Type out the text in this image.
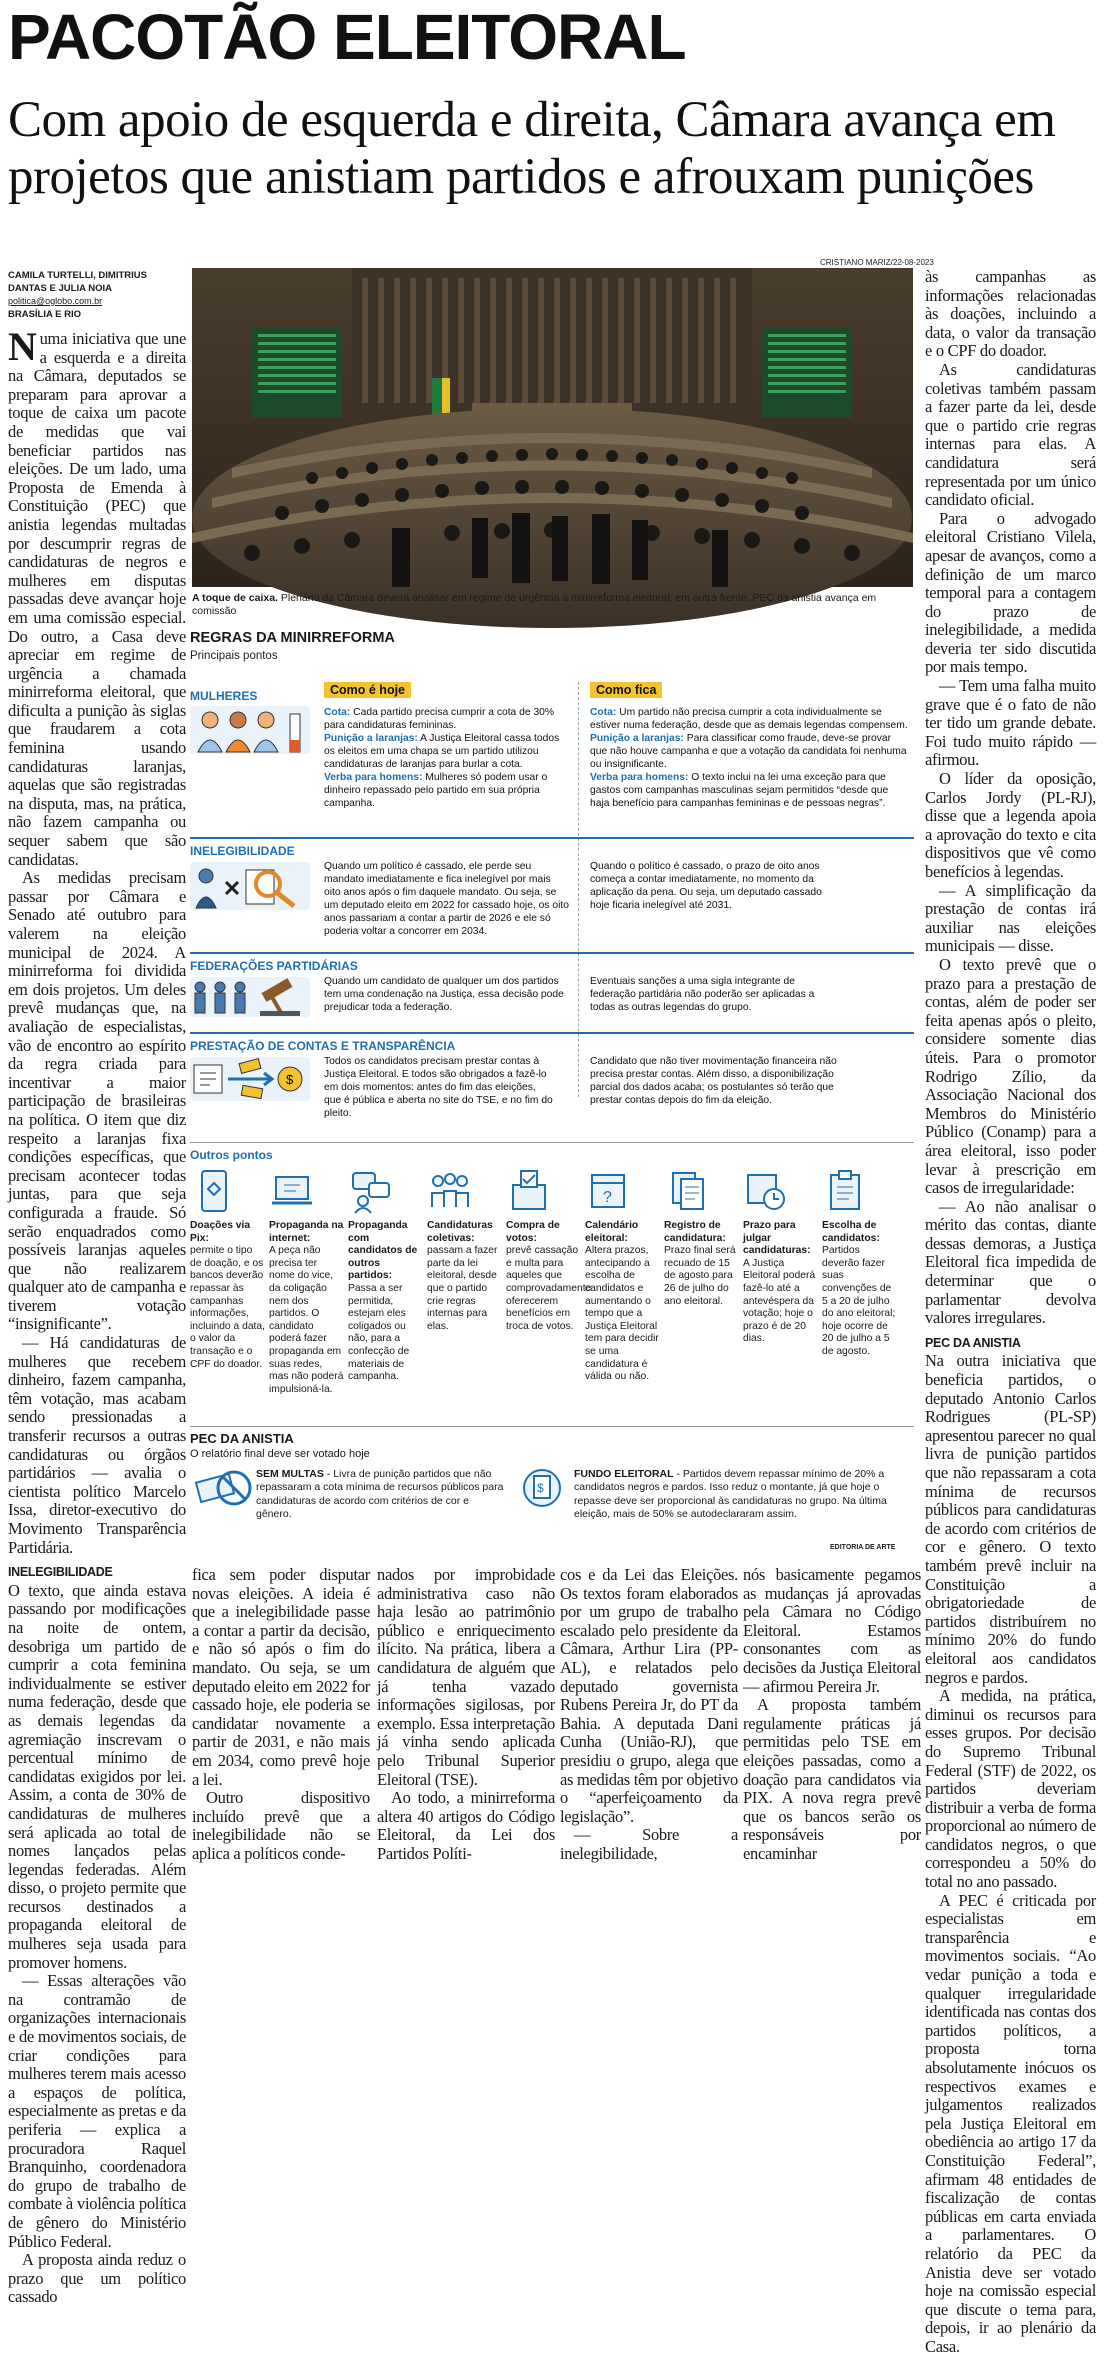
PACOTÃO ELEITORAL
Com apoio de esquerda e direita, Câmara avança em projetos que anistiam partidos e afrouxam punições
CAMILA TURTELLI, DIMITRIUS DANTAS E JULIA NOIA
politica@oglobo.com.br
BRASÍLIA E RIO

Numa iniciativa que une a esquerda e a direita na Câmara, deputados se preparam para aprovar a toque de caixa um pacote de medidas que vai beneficiar partidos nas eleições. De um lado, uma Proposta de Emenda à Constituição (PEC) que anistia legendas multadas por descumprir regras de candidaturas de negros e mulheres em disputas passadas deve avançar hoje em uma comissão especial. Do outro, a Casa deve apreciar em regime de urgência a chamada minirreforma eleitoral, que dificulta a punição às siglas que fraudarem a cota feminina usando candidaturas laranjas, aquelas que são registradas na disputa, mas, na prática, não fazem campanha ou sequer sabem que são candidatas.

As medidas precisam passar por Câmara e Senado até outubro para valerem na eleição municipal de 2024. A minirreforma foi dividida em dois projetos. Um deles prevê mudanças que, na avaliação de especialistas, vão de encontro ao espírito da regra criada para incentivar a maior participação de brasileiras na política. O item que diz respeito a laranjas fixa condições específicas, que precisam acontecer todas juntas, para que seja configurada a fraude. Só serão enquadrados como possíveis laranjas aqueles que não realizarem qualquer ato de campanha e tiverem votação “insignificante”.

— Há candidaturas de mulheres que recebem dinheiro, fazem campanha, têm votação, mas acabam sendo pressionadas a transferir recursos a outras candidaturas ou órgãos partidários — avalia o cientista político Marcelo Issa, diretor-executivo do Movimento Transparência Partidária.

INELEGIBILIDADE

O texto, que ainda estava passando por modificações na noite de ontem, desobriga um partido de cumprir a cota feminina individualmente se estiver numa federação, desde que as demais legendas da agremiação inscrevam o percentual mínimo de candidatas exigidos por lei. Assim, a conta de 30% de candidaturas de mulheres será aplicada ao total de nomes lançados pelas legendas federadas. Além disso, o projeto permite que recursos destinados a propaganda eleitoral de mulheres seja usada para promover homens.

— Essas alterações vão na contramão de organizações internacionais e de movimentos sociais, de criar condições para mulheres terem mais acesso a espaços de política, especialmente as pretas e da periferia — explica a procuradora Raquel Branquinho, coordenadora do grupo de trabalho de combate à violência política de gênero do Ministério Público Federal.

A proposta ainda reduz o prazo que um político cassado

CRISTIANO MARIZ/22-08-2023
A toque de caixa. Plenário da Câmara deverá analisar em regime de urgência a minirreforma eleitoral; em outra frente, PEC da anistia avança em comissão
REGRAS DA MINIRREFORMA
Principais pontos
Como é hoje	Como fica
MULHERES
Cota: Cada partido precisa cumprir a cota de 30% para candidaturas femininas.
Punição a laranjas: A Justiça Eleitoral cassa todos os eleitos em uma chapa se um partido utilizou candidaturas de laranjas para burlar a cota.
Verba para homens: Mulheres só podem usar o dinheiro repassado pelo partido em sua própria campanha.
Cota: Um partido não precisa cumprir a cota individualmente se estiver numa federação, desde que as demais legendas compensem.
Punição a laranjas: Para classificar como fraude, deve-se provar que não houve campanha e que a votação da candidata foi nenhuma ou insignificante.
Verba para homens: O texto inclui na lei uma exceção para que gastos com campanhas masculinas sejam permitidos “desde que haja benefício para campanhas femininas e de pessoas negras”.
INELEGIBILIDADE
Quando um político é cassado, ele perde seu mandato imediatamente e fica inelegível por mais oito anos após o fim daquele mandato. Ou seja, se um deputado eleito em 2022 for cassado hoje, os oito anos passariam a contar a partir de 2026 e ele só poderia voltar a concorrer em 2034.
Quando o político é cassado, o prazo de oito anos começa a contar imediatamente, no momento da aplicação da pena. Ou seja, um deputado cassado hoje ficaria inelegível até 2031.
FEDERAÇÕES PARTIDÁRIAS
Quando um candidato de qualquer um dos partidos tem uma condenação na Justiça, essa decisão pode prejudicar toda a federação.
Eventuais sanções a uma sigla integrante de federação partidária não poderão ser aplicadas a todas as outras legendas do grupo.
PRESTAÇÃO DE CONTAS E TRANSPARÊNCIA
$
Todos os candidatos precisam prestar contas à Justiça Eleitoral. E todos são obrigados a fazê-lo em dois momentos: antes do fim das eleições, que é pública e aberta no site do TSE, e no fim do pleito.
Candidato que não tiver movimentação financeira não precisa prestar contas. Além disso, a disponibilização parcial dos dados acaba; os postulantes só terão que prestar contas depois do fim da eleição.
Outros pontos
?
Doações via Pix:
permite o tipo de doação, e os bancos deverão repassar às campanhas informações, incluindo a data, o valor da transação e o CPF do doador.
Propaganda na internet:
A peça não precisa ter nome do vice, da coligação nem dos partidos. O candidato poderá fazer propaganda em suas redes, mas não poderá impulsioná-la.
Propaganda com candidatos de outros partidos:
Passa a ser permitida, estejam eles coligados ou não, para a confecção de materiais de campanha.
Candidaturas coletivas:
passam a fazer parte da lei eleitoral, desde que o partido crie regras internas para elas.
Compra de votos:
prevê cassação e multa para aqueles que comprovadamente oferecerem benefícios em troca de votos.
Calendário eleitoral:
Altera prazos, antecipando a escolha de candidatos e aumentando o tempo que a Justiça Eleitoral tem para decidir se uma candidatura é válida ou não.
Registro de candidatura:
Prazo final será recuado de 15 de agosto para 26 de julho do ano eleitoral.
Prazo para julgar candidaturas:
A Justiça Eleitoral poderá fazê-lo até a antevéspera da votação; hoje o prazo é de 20 dias.
Escolha de candidatos:
Partidos deverão fazer suas convenções de 5 a 20 de julho do ano eleitoral; hoje ocorre de 20 de julho a 5 de agosto.
PEC DA ANISTIA
O relatório final deve ser votado hoje
SEM MULTAS - Livra de punição partidos que não repassaram a cota mínima de recursos públicos para candidaturas de acordo com critérios de cor e gênero.
$
FUNDO ELEITORAL - Partidos devem repassar mínimo de 20% a candidatos negros e pardos. Isso reduz o montante, já que hoje o repasse deve ser proporcional às candidaturas no grupo. Na última eleição, mais de 50% se autodeclararam assim.
EDITORIA DE ARTE

fica sem poder disputar novas eleições. A ideia é que a inelegibilidade passe a contar a partir da decisão, e não só após o fim do mandato. Ou seja, se um deputado eleito em 2022 for cassado hoje, ele poderia se candidatar novamente a partir de 2031, e não mais em 2034, como prevê hoje a lei.

Outro dispositivo incluído prevê que a inelegibilidade não se aplica a políticos conde-

nados por improbidade administrativa caso não haja lesão ao patrimônio público e enriquecimento ilícito. Na prática, libera a candidatura de alguém que já tenha vazado informações sigilosas, por exemplo. Essa interpretação já vinha sendo aplicada pelo Tribunal Superior Eleitoral (TSE).

Ao todo, a minirreforma altera 40 artigos do Código Eleitoral, da Lei dos Partidos Políti-

cos e da Lei das Eleições. Os textos foram elaborados por um grupo de trabalho escalado pelo presidente da Câmara, Arthur Lira (PP-AL), e relatados pelo deputado governista Rubens Pereira Jr, do PT da Bahia. A deputada Dani Cunha (União-RJ), que presidiu o grupo, alega que as medidas têm por objetivo o “aperfeiçoamento da legislação”.

— Sobre a inelegibilidade,

nós basicamente pegamos as mudanças já aprovadas pela Câmara no Código Eleitoral. Estamos consonantes com as decisões da Justiça Eleitoral — afirmou Pereira Jr.

A proposta também regulamente práticas já permitidas pelo TSE em eleições passadas, como a doação para candidatos via PIX. A nova regra prevê que os bancos serão os responsáveis por encaminhar

às campanhas as informações relacionadas às doações, incluindo a data, o valor da transação e o CPF do doador.

As candidaturas coletivas também passam a fazer parte da lei, desde que o partido crie regras internas para elas. A candidatura será representada por um único candidato oficial.

Para o advogado eleitoral Cristiano Vilela, apesar de avanços, como a definição de um marco temporal para a contagem do prazo de inelegibilidade, a medida deveria ter sido discutida por mais tempo.

— Tem uma falha muito grave que é o fato de não ter tido um grande debate. Foi tudo muito rápido — afirmou.

O líder da oposição, Carlos Jordy (PL-RJ), disse que a legenda apoia a aprovação do texto e cita dispositivos que vê como benefícios à legendas.

— A simplificação da prestação de contas irá auxiliar nas eleições municipais — disse.

O texto prevê que o prazo para a prestação de contas, além de poder ser feita apenas após o pleito, considere somente dias úteis. Para o promotor Rodrigo Zílio, da Associação Nacional dos Membros do Ministério Público (Conamp) para a área eleitoral, isso poder levar à prescrição em casos de irregularidade:

— Ao não analisar o mérito das contas, diante dessas demoras, a Justiça Eleitoral fica impedida de determinar que o parlamentar devolva valores irregulares.

PEC DA ANISTIA

Na outra iniciativa que beneficia partidos, o deputado Antonio Carlos Rodrigues (PL-SP) apresentou parecer no qual livra de punição partidos que não repassaram a cota mínima de recursos públicos para candidaturas de acordo com critérios de cor e gênero. O texto também prevê incluir na Constituição a obrigatoriedade de partidos distribuírem no mínimo 20% do fundo eleitoral aos candidatos negros e pardos.

A medida, na prática, diminui os recursos para esses grupos. Por decisão do Supremo Tribunal Federal (STF) de 2022, os partidos deveriam distribuir a verba de forma proporcional ao número de candidatos negros, o que correspondeu a 50% do total no ano passado.

A PEC é criticada por especialistas em transparência e movimentos sociais. “Ao vedar punição a toda e qualquer irregularidade identificada nas contas dos partidos políticos, a proposta torna absolutamente inócuos os respectivos exames e julgamentos realizados pela Justiça Eleitoral em obediência ao artigo 17 da Constituição Federal”, afirmam 48 entidades de fiscalização de contas públicas em carta enviada a parlamentares. O relatório da PEC da Anistia deve ser votado hoje na comissão especial que discute o tema para, depois, ir ao plenário da Casa.
